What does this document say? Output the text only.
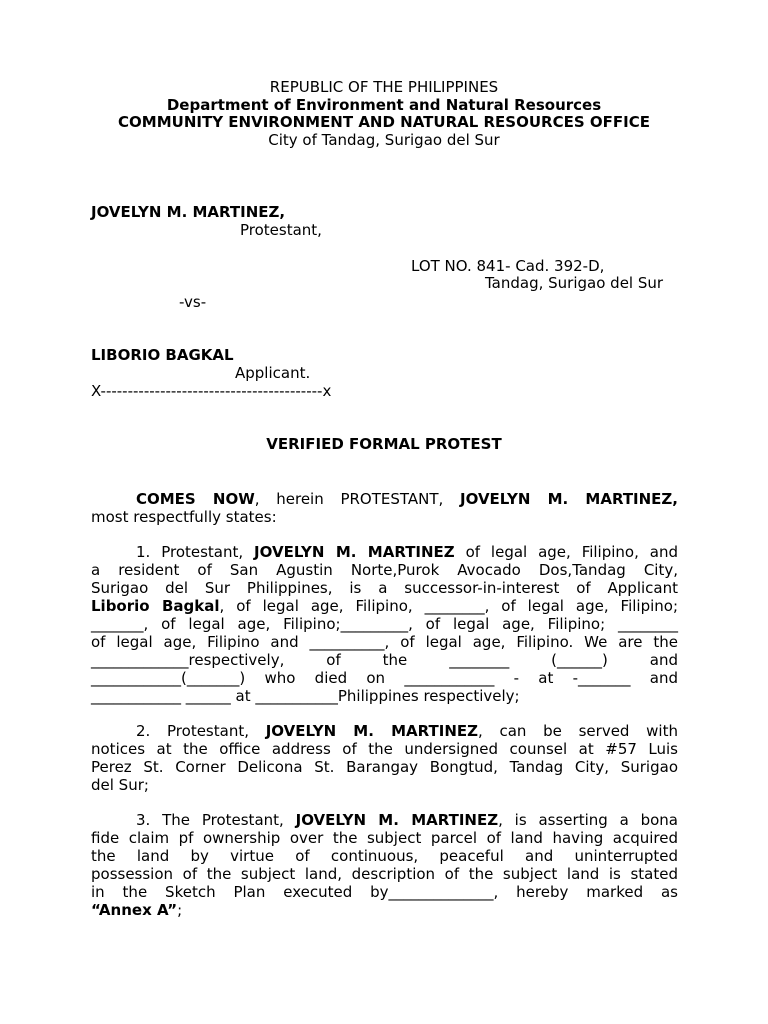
REPUBLIC OF THE PHILIPPINES
Department of Environment and Natural Resources
COMMUNITY ENVIRONMENT AND NATURAL RESOURCES OFFICE
City of Tandag, Surigao del Sur
JOVELYN M. MARTINEZ,
Protestant,
LOT NO. 841- Cad. 392-D,
Tandag, Surigao del Sur
-vs-
LIBORIO BAGKAL
Applicant.
X-----------------------------------------x
VERIFIED FORMAL PROTEST
COMES NOW, herein PROTESTANT, JOVELYN M. MARTINEZ,
most respectfully states:
1. Protestant, JOVELYN M. MARTINEZ of legal age, Filipino, and
a resident of San Agustin Norte,Purok Avocado Dos,Tandag City,
Surigao del Sur Philippines, is a successor-in-interest of Applicant
Liborio Bagkal, of legal age, Filipino, ________, of legal age, Filipino;
_______, of legal age, Filipino;_________, of legal age, Filipino; ________
of legal age, Filipino and __________, of legal age, Filipino. We are the
_____________respectively, of the ________ (______) and
____________(_______) who died on ____________ - at -_______ and
____________ ______ at ___________Philippines respectively;
2. Protestant, JOVELYN M. MARTINEZ, can be served with
notices at the office address of the undersigned counsel at #57 Luis
Perez St. Corner Delicona St. Barangay Bongtud, Tandag City, Surigao
del Sur;
3. The Protestant, JOVELYN M. MARTINEZ, is asserting a bona
fide claim pf ownership over the subject parcel of land having acquired
the land by virtue of continuous, peaceful and uninterrupted
possession of the subject land, description of the subject land is stated
in the Sketch Plan executed by______________, hereby marked as
“Annex A”;
